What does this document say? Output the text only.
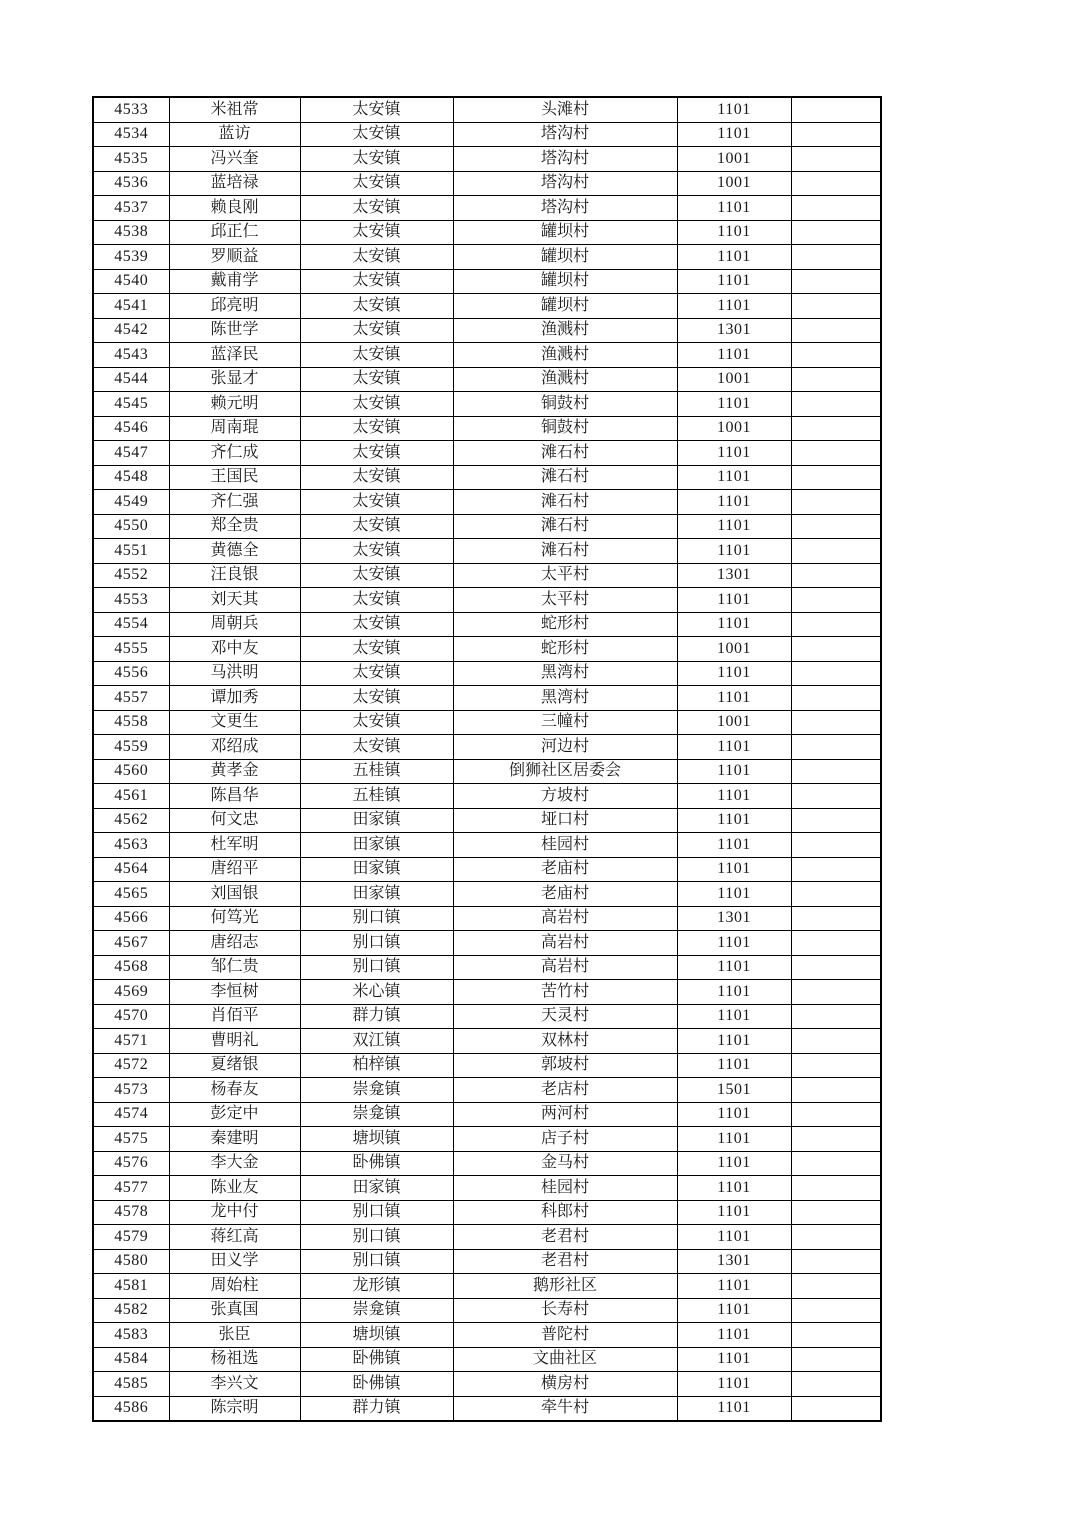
4533	米祖常	太安镇	头滩村	1101	
4534	蓝访	太安镇	塔沟村	1101	
4535	冯兴奎	太安镇	塔沟村	1001	
4536	蓝培禄	太安镇	塔沟村	1001	
4537	赖良刚	太安镇	塔沟村	1101	
4538	邱正仁	太安镇	罐坝村	1101	
4539	罗顺益	太安镇	罐坝村	1101	
4540	戴甫学	太安镇	罐坝村	1101	
4541	邱亮明	太安镇	罐坝村	1101	
4542	陈世学	太安镇	渔溅村	1301	
4543	蓝泽民	太安镇	渔溅村	1101	
4544	张显才	太安镇	渔溅村	1001	
4545	赖元明	太安镇	铜鼓村	1101	
4546	周南琨	太安镇	铜鼓村	1001	
4547	齐仁成	太安镇	滩石村	1101	
4548	王国民	太安镇	滩石村	1101	
4549	齐仁强	太安镇	滩石村	1101	
4550	郑全贵	太安镇	滩石村	1101	
4551	黄德全	太安镇	滩石村	1101	
4552	汪良银	太安镇	太平村	1301	
4553	刘天其	太安镇	太平村	1101	
4554	周朝兵	太安镇	蛇形村	1101	
4555	邓中友	太安镇	蛇形村	1001	
4556	马洪明	太安镇	黑湾村	1101	
4557	谭加秀	太安镇	黑湾村	1101	
4558	文更生	太安镇	三幢村	1001	
4559	邓绍成	太安镇	河边村	1101	
4560	黄孝金	五桂镇	倒狮社区居委会	1101	
4561	陈昌华	五桂镇	方坡村	1101	
4562	何文忠	田家镇	垭口村	1101	
4563	杜军明	田家镇	桂园村	1101	
4564	唐绍平	田家镇	老庙村	1101	
4565	刘国银	田家镇	老庙村	1101	
4566	何笃光	别口镇	高岩村	1301	
4567	唐绍志	别口镇	高岩村	1101	
4568	邹仁贵	别口镇	高岩村	1101	
4569	李恒树	米心镇	苦竹村	1101	
4570	肖佰平	群力镇	天灵村	1101	
4571	曹明礼	双江镇	双林村	1101	
4572	夏绪银	柏梓镇	郭坡村	1101	
4573	杨春友	崇龛镇	老店村	1501	
4574	彭定中	崇龛镇	两河村	1101	
4575	秦建明	塘坝镇	店子村	1101	
4576	李大金	卧佛镇	金马村	1101	
4577	陈业友	田家镇	桂园村	1101	
4578	龙中付	别口镇	科郎村	1101	
4579	蒋红高	别口镇	老君村	1101	
4580	田义学	别口镇	老君村	1301	
4581	周始柱	龙形镇	鹅形社区	1101	
4582	张真国	崇龛镇	长寿村	1101	
4583	张臣	塘坝镇	普陀村	1101	
4584	杨祖选	卧佛镇	文曲社区	1101	
4585	李兴文	卧佛镇	横房村	1101	
4586	陈宗明	群力镇	牵牛村	1101	
